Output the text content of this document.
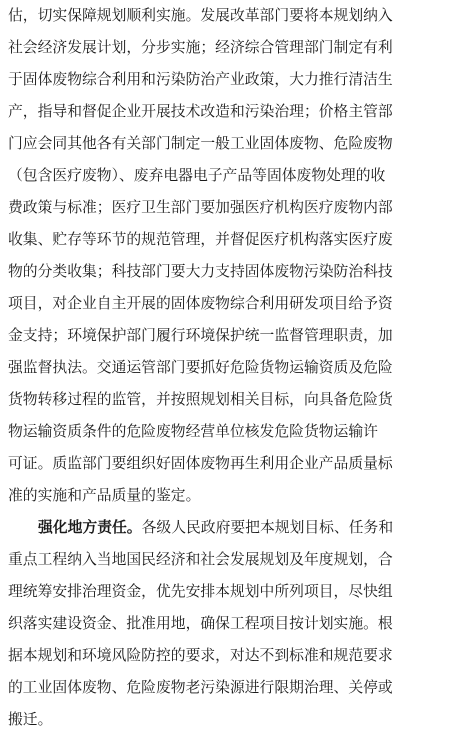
估，切实保障规划顺利实施。发展改革部门要将本规划纳入
社会经济发展计划，分步实施；经济综合管理部门制定有利
于固体废物综合利用和污染防治产业政策，大力推行清洁生
产，指导和督促企业开展技术改造和污染治理；价格主管部
门应会同其他各有关部门制定一般工业固体废物、危险废物
（包含医疗废物）、废弃电器电子产品等固体废物处理的收
费政策与标准；医疗卫生部门要加强医疗机构医疗废物内部
收集、贮存等环节的规范管理，并督促医疗机构落实医疗废
物的分类收集；科技部门要大力支持固体废物污染防治科技
项目，对企业自主开展的固体废物综合利用研发项目给予资
金支持；环境保护部门履行环境保护统一监督管理职责，加
强监督执法。交通运管部门要抓好危险货物运输资质及危险
货物转移过程的监管，并按照规划相关目标，向具备危险货
物运输资质条件的危险废物经营单位核发危险货物运输许
可证。质监部门要组织好固体废物再生利用企业产品质量标
准的实施和产品质量的鉴定。
强化地方责任。各级人民政府要把本规划目标、任务和
重点工程纳入当地国民经济和社会发展规划及年度规划，合
理统筹安排治理资金，优先安排本规划中所列项目，尽快组
织落实建设资金、批准用地，确保工程项目按计划实施。根
据本规划和环境风险防控的要求，对达不到标准和规范要求
的工业固体废物、危险废物老污染源进行限期治理、关停或
搬迁。
